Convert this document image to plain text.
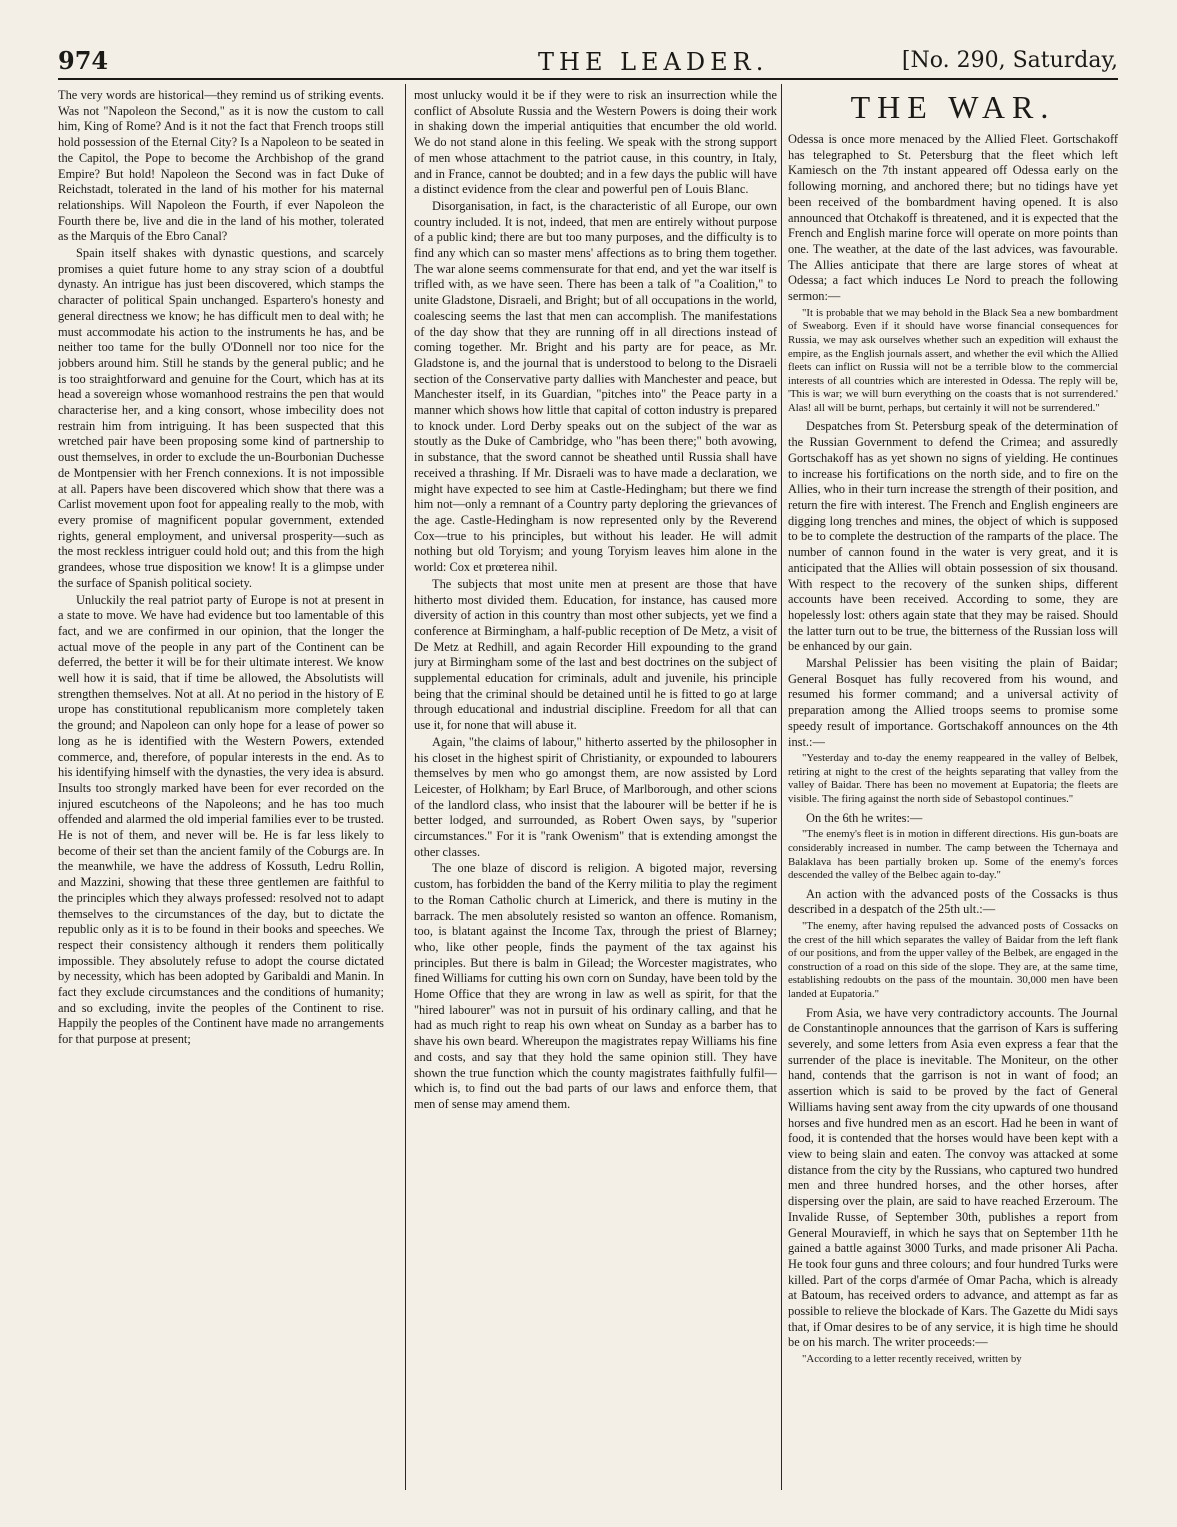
974	THE LEADER.	[No. 290, Saturday,

The very words are historical—they remind us of striking events. Was not "Napoleon the Second," as it is now the custom to call him, King of Rome? And is it not the fact that French troops still hold possession of the Eternal City? Is a Napoleon to be seated in the Capitol, the Pope to become the Archbishop of the grand Empire? But hold! Napoleon the Second was in fact Duke of Reichstadt, tolerated in the land of his mother for his maternal relationships. Will Napoleon the Fourth, if ever Napoleon the Fourth there be, live and die in the land of his mother, tolerated as the Marquis of the Ebro Canal?

Spain itself shakes with dynastic questions, and scarcely promises a quiet future home to any stray scion of a doubtful dynasty. An intrigue has just been discovered, which stamps the character of political Spain unchanged. Espartero's honesty and general directness we know; he has difficult men to deal with; he must accommodate his action to the instruments he has, and be neither too tame for the bully O'Donnell nor too nice for the jobbers around him. Still he stands by the general public; and he is too straightforward and genuine for the Court, which has at its head a sovereign whose womanhood restrains the pen that would characterise her, and a king consort, whose imbecility does not restrain him from intriguing. It has been suspected that this wretched pair have been proposing some kind of partnership to oust themselves, in order to exclude the un-Bourbonian Duchesse de Montpensier with her French connexions. It is not impossible at all. Papers have been discovered which show that there was a Carlist movement upon foot for appealing really to the mob, with every promise of magnificent popular government, extended rights, general employment, and universal prosperity—such as the most reckless intriguer could hold out; and this from the high grandees, whose true disposition we know! It is a glimpse under the surface of Spanish political society.

Unluckily the real patriot party of Europe is not at present in a state to move. We have had evidence but too lamentable of this fact, and we are confirmed in our opinion, that the longer the actual move of the people in any part of the Continent can be deferred, the better it will be for their ultimate interest. We know well how it is said, that if time be allowed, the Absolutists will strengthen themselves. Not at all. At no period in the history of E urope has constitutional republicanism more completely taken the ground; and Napoleon can only hope for a lease of power so long as he is identified with the Western Powers, extended commerce, and, therefore, of popular interests in the end. As to his identifying himself with the dynasties, the very idea is absurd. Insults too strongly marked have been for ever recorded on the injured escutcheons of the Napoleons; and he has too much offended and alarmed the old imperial families ever to be trusted. He is not of them, and never will be. He is far less likely to become of their set than the ancient family of the Coburgs are. In the meanwhile, we have the address of Kossuth, Ledru Rollin, and Mazzini, showing that these three gentlemen are faithful to the principles which they always professed: resolved not to adapt themselves to the circumstances of the day, but to dictate the republic only as it is to be found in their books and speeches. We respect their consistency although it renders them politically impossible. They absolutely refuse to adopt the course dictated by necessity, which has been adopted by Garibaldi and Manin. In fact they exclude circumstances and the conditions of humanity; and so excluding, invite the peoples of the Continent to rise. Happily the peoples of the Continent have made no arrangements for that purpose at present;

most unlucky would it be if they were to risk an insurrection while the conflict of Absolute Russia and the Western Powers is doing their work in shaking down the imperial antiquities that encumber the old world. We do not stand alone in this feeling. We speak with the strong support of men whose attachment to the patriot cause, in this country, in Italy, and in France, cannot be doubted; and in a few days the public will have a distinct evidence from the clear and powerful pen of Louis Blanc.

Disorganisation, in fact, is the characteristic of all Europe, our own country included. It is not, indeed, that men are entirely without purpose of a public kind; there are but too many purposes, and the difficulty is to find any which can so master mens' affections as to bring them together. The war alone seems commensurate for that end, and yet the war itself is trifled with, as we have seen. There has been a talk of "a Coalition," to unite Gladstone, Disraeli, and Bright; but of all occupations in the world, coalescing seems the last that men can accomplish. The manifestations of the day show that they are running off in all directions instead of coming together. Mr. Bright and his party are for peace, as Mr. Gladstone is, and the journal that is understood to belong to the Disraeli section of the Conservative party dallies with Manchester and peace, but Manchester itself, in its Guardian, "pitches into" the Peace party in a manner which shows how little that capital of cotton industry is prepared to knock under. Lord Derby speaks out on the subject of the war as stoutly as the Duke of Cambridge, who "has been there;" both avowing, in substance, that the sword cannot be sheathed until Russia shall have received a thrashing. If Mr. Disraeli was to have made a declaration, we might have expected to see him at Castle-Hedingham; but there we find him not—only a remnant of a Country party deploring the grievances of the age. Castle-Hedingham is now represented only by the Reverend Cox—true to his principles, but without his leader. He will admit nothing but old Toryism; and young Toryism leaves him alone in the world: Cox et prœterea nihil.

The subjects that most unite men at present are those that have hitherto most divided them. Education, for instance, has caused more diversity of action in this country than most other subjects, yet we find a conference at Birmingham, a half-public reception of De Metz, a visit of De Metz at Redhill, and again Recorder Hill expounding to the grand jury at Birmingham some of the last and best doctrines on the subject of supplemental education for criminals, adult and juvenile, his principle being that the criminal should be detained until he is fitted to go at large through educational and industrial discipline. Freedom for all that can use it, for none that will abuse it.

Again, "the claims of labour," hitherto asserted by the philosopher in his closet in the highest spirit of Christianity, or expounded to labourers themselves by men who go amongst them, are now assisted by Lord Leicester, of Holkham; by Earl Bruce, of Marlborough, and other scions of the landlord class, who insist that the labourer will be better if he is better lodged, and surrounded, as Robert Owen says, by "superior circumstances." For it is "rank Owenism" that is extending amongst the other classes.

The one blaze of discord is religion. A bigoted major, reversing custom, has forbidden the band of the Kerry militia to play the regiment to the Roman Catholic church at Limerick, and there is mutiny in the barrack. The men absolutely resisted so wanton an offence. Romanism, too, is blatant against the Income Tax, through the priest of Blarney; who, like other people, finds the payment of the tax against his principles. But there is balm in Gilead; the Worcester magistrates, who fined Williams for cutting his own corn on Sunday, have been told by the Home Office that they are wrong in law as well as spirit, for that the "hired labourer" was not in pursuit of his ordinary calling, and that he had as much right to reap his own wheat on Sunday as a barber has to shave his own beard. Whereupon the magistrates repay Williams his fine and costs, and say that they hold the same opinion still. They have shown the true function which the county magistrates faithfully fulfil—which is, to find out the bad parts of our laws and enforce them, that men of sense may amend them.

THE WAR.

Odessa is once more menaced by the Allied Fleet. Gortschakoff has telegraphed to St. Petersburg that the fleet which left Kamiesch on the 7th instant appeared off Odessa early on the following morning, and anchored there; but no tidings have yet been received of the bombardment having opened. It is also announced that Otchakoff is threatened, and it is expected that the French and English marine force will operate on more points than one. The weather, at the date of the last advices, was favourable. The Allies anticipate that there are large stores of wheat at Odessa; a fact which induces Le Nord to preach the following sermon:—

"It is probable that we may behold in the Black Sea a new bombardment of Sweaborg. Even if it should have worse financial consequences for Russia, we may ask ourselves whether such an expedition will exhaust the empire, as the English journals assert, and whether the evil which the Allied fleets can inflict on Russia will not be a terrible blow to the commercial interests of all countries which are interested in Odessa. The reply will be, 'This is war; we will burn everything on the coasts that is not surrendered.' Alas! all will be burnt, perhaps, but certainly it will not be surrendered."

Despatches from St. Petersburg speak of the determination of the Russian Government to defend the Crimea; and assuredly Gortschakoff has as yet shown no signs of yielding. He continues to increase his fortifications on the north side, and to fire on the Allies, who in their turn increase the strength of their position, and return the fire with interest. The French and English engineers are digging long trenches and mines, the object of which is supposed to be to complete the destruction of the ramparts of the place. The number of cannon found in the water is very great, and it is anticipated that the Allies will obtain possession of six thousand. With respect to the recovery of the sunken ships, different accounts have been received. According to some, they are hopelessly lost: others again state that they may be raised. Should the latter turn out to be true, the bitterness of the Russian loss will be enhanced by our gain.

Marshal Pelissier has been visiting the plain of Baidar; General Bosquet has fully recovered from his wound, and resumed his former command; and a universal activity of preparation among the Allied troops seems to promise some speedy result of importance. Gortschakoff announces on the 4th inst.:—

"Yesterday and to-day the enemy reappeared in the valley of Belbek, retiring at night to the crest of the heights separating that valley from the valley of Baidar. There has been no movement at Eupatoria; the fleets are visible. The firing against the north side of Sebastopol continues."

On the 6th he writes:—

"The enemy's fleet is in motion in different directions. His gun-boats are considerably increased in number. The camp between the Tchernaya and Balaklava has been partially broken up. Some of the enemy's forces descended the valley of the Belbec again to-day."

An action with the advanced posts of the Cossacks is thus described in a despatch of the 25th ult.:—

"The enemy, after having repulsed the advanced posts of Cossacks on the crest of the hill which separates the valley of Baidar from the left flank of our positions, and from the upper valley of the Belbek, are engaged in the construction of a road on this side of the slope. They are, at the same time, establishing redoubts on the pass of the mountain. 30,000 men have been landed at Eupatoria."

From Asia, we have very contradictory accounts. The Journal de Constantinople announces that the garrison of Kars is suffering severely, and some letters from Asia even express a fear that the surrender of the place is inevitable. The Moniteur, on the other hand, contends that the garrison is not in want of food; an assertion which is said to be proved by the fact of General Williams having sent away from the city upwards of one thousand horses and five hundred men as an escort. Had he been in want of food, it is contended that the horses would have been kept with a view to being slain and eaten. The convoy was attacked at some distance from the city by the Russians, who captured two hundred men and three hundred horses, and the other horses, after dispersing over the plain, are said to have reached Erzeroum. The Invalide Russe, of September 30th, publishes a report from General Mouravieff, in which he says that on September 11th he gained a battle against 3000 Turks, and made prisoner Ali Pacha. He took four guns and three colours; and four hundred Turks were killed. Part of the corps d'armée of Omar Pacha, which is already at Batoum, has received orders to advance, and attempt as far as possible to relieve the blockade of Kars. The Gazette du Midi says that, if Omar desires to be of any service, it is high time he should be on his march. The writer proceeds:—

"According to a letter recently received, written by
